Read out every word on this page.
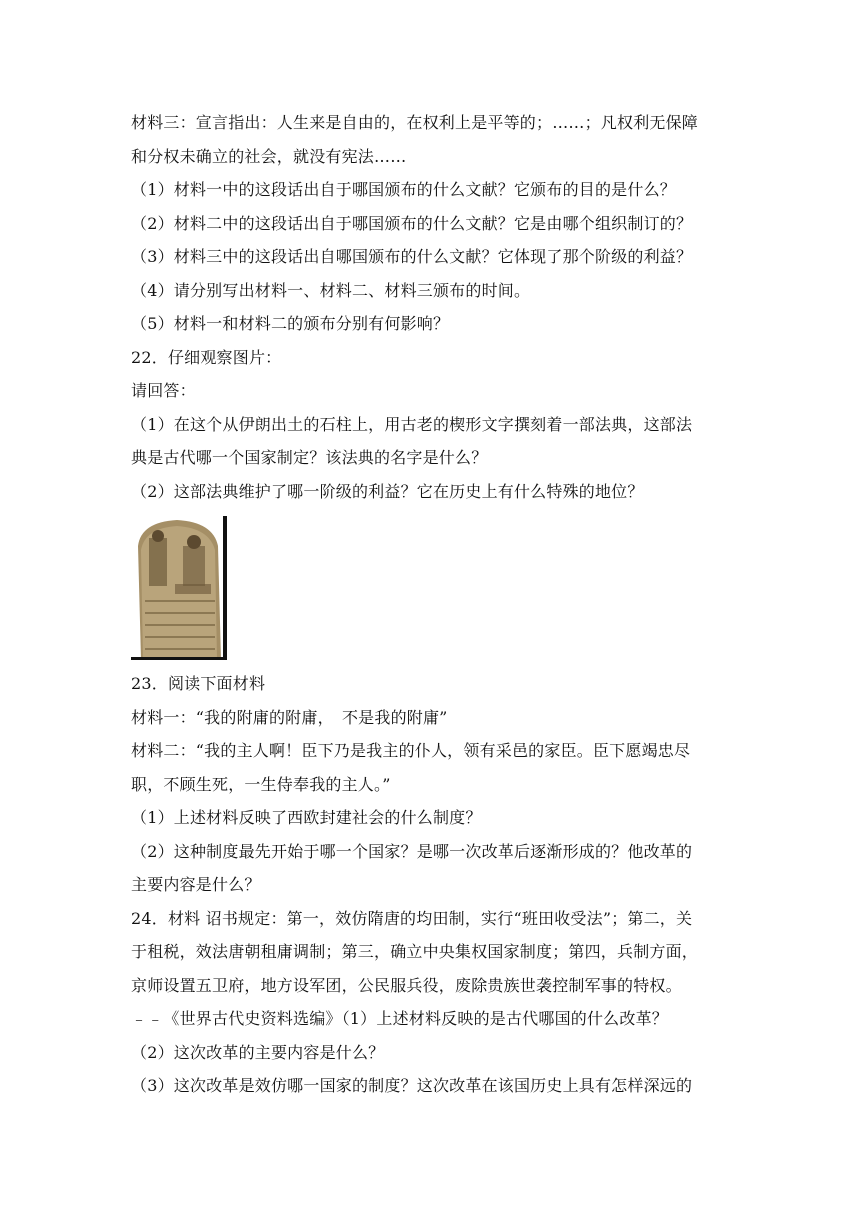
材料三：宣言指出：人生来是自由的，在权利上是平等的；……；凡权利无保障
和分权未确立的社会，就没有宪法……
（1）材料一中的这段话出自于哪国颁布的什么文献？它颁布的目的是什么？
（2）材料二中的这段话出自于哪国颁布的什么文献？它是由哪个组织制订的？
（3）材料三中的这段话出自哪国颁布的什么文献？它体现了那个阶级的利益？
（4）请分别写出材料一、材料二、材料三颁布的时间。
（5）材料一和材料二的颁布分别有何影响？
22．仔细观察图片：
请回答：
（1）在这个从伊朗出土的石柱上，用古老的楔形文字撰刻着一部法典，这部法
典是古代哪一个国家制定？该法典的名字是什么？
（2）这部法典维护了哪一阶级的利益？它在历史上有什么特殊的地位？
23．阅读下面材料
材料一：“我的附庸的附庸，　不是我的附庸”
材料二：“我的主人啊！臣下乃是我主的仆人，领有采邑的家臣。臣下愿竭忠尽
职，不顾生死，一生侍奉我的主人。”
（1）上述材料反映了西欧封建社会的什么制度？
（2）这种制度最先开始于哪一个国家？是哪一次改革后逐渐形成的？他改革的
主要内容是什么？
24．材料 诏书规定：第一，效仿隋唐的均田制，实行“班田收受法”；第二，关
于租税，效法唐朝租庸调制；第三，确立中央集权国家制度；第四，兵制方面，
京师设置五卫府，地方设军团，公民服兵役，废除贵族世袭控制军事的特权。
﹣﹣《世界古代史资料选编》（1）上述材料反映的是古代哪国的什么改革？
（2）这次改革的主要内容是什么？
（3）这次改革是效仿哪一国家的制度？这次改革在该国历史上具有怎样深远的
